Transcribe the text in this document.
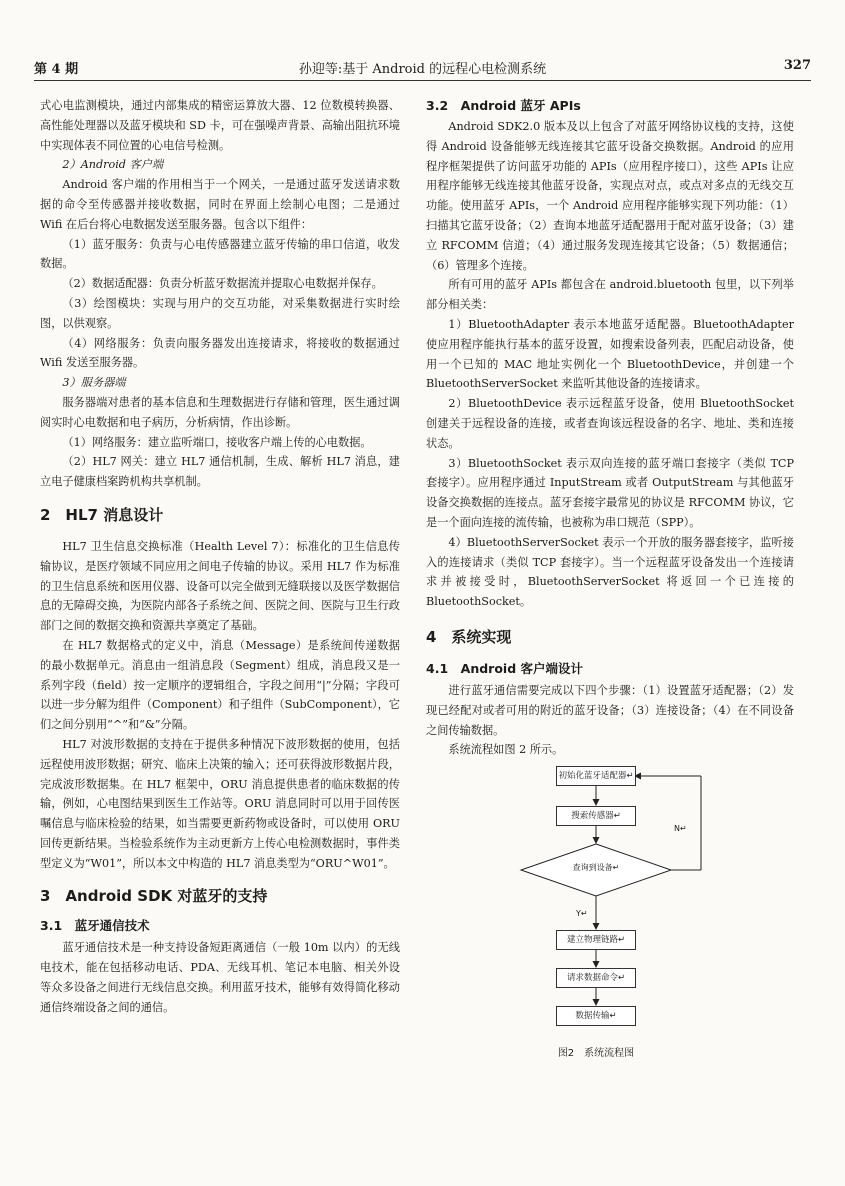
第 4 期	孙迎等:基于 Android 的远程心电检测系统	327

式心电监测模块，通过内部集成的精密运算放大器、12 位数模转换器、高性能处理器以及蓝牙模块和 SD 卡，可在强噪声背景、高输出阻抗环境中实现体表不同位置的心电信号检测。

2）Android 客户端

Android 客户端的作用相当于一个网关，一是通过蓝牙发送请求数据的命令至传感器并接收数据，同时在界面上绘制心电图；二是通过 Wifi 在后台将心电数据发送至服务器。包含以下组件：

（1）蓝牙服务：负责与心电传感器建立蓝牙传输的串口信道，收发数据。

（2）数据适配器：负责分析蓝牙数据流并提取心电数据并保存。

（3）绘图模块：实现与用户的交互功能，对采集数据进行实时绘图，以供观察。

（4）网络服务：负责向服务器发出连接请求，将接收的数据通过 Wifi 发送至服务器。

3）服务器端

服务器端对患者的基本信息和生理数据进行存储和管理，医生通过调阅实时心电数据和电子病历，分析病情，作出诊断。

（1）网络服务：建立监听端口，接收客户端上传的心电数据。

（2）HL7 网关：建立 HL7 通信机制，生成、解析 HL7 消息，建立电子健康档案跨机构共享机制。

2　HL7 消息设计

HL7 卫生信息交换标准（Health Level 7）：标准化的卫生信息传输协议，是医疗领域不同应用之间电子传输的协议。采用 HL7 作为标准的卫生信息系统和医用仪器、设备可以完全做到无缝联接以及医学数据信息的无障碍交换，为医院内部各子系统之间、医院之间、医院与卫生行政部门之间的数据交换和资源共享奠定了基础。

在 HL7 数据格式的定义中，消息（Message）是系统间传递数据的最小数据单元。消息由一组消息段（Segment）组成，消息段又是一系列字段（field）按一定顺序的逻辑组合，字段之间用“|”分隔；字段可以进一步分解为组件（Component）和子组件（SubComponent），它们之间分别用“^”和“&”分隔。

HL7 对波形数据的支持在于提供多种情况下波形数据的使用，包括远程使用波形数据；研究、临床上决策的输入；还可获得波形数据片段，完成波形数据集。在 HL7 框架中，ORU 消息提供患者的临床数据的传输，例如，心电图结果到医生工作站等。ORU 消息同时可以用于回传医嘱信息与临床检验的结果，如当需要更新药物或设备时，可以使用 ORU 回传更新结果。当检验系统作为主动更新方上传心电检测数据时，事件类型定义为“W01”，所以本文中构造的 HL7 消息类型为“ORU^W01”。

3　Android SDK 对蓝牙的支持
3.1　蓝牙通信技术

蓝牙通信技术是一种支持设备短距离通信（一般 10m 以内）的无线电技术，能在包括移动电话、PDA、无线耳机、笔记本电脑、相关外设等众多设备之间进行无线信息交换。利用蓝牙技术，能够有效得简化移动通信终端设备之间的通信。

3.2　Android 蓝牙 APIs

Android SDK2.0 版本及以上包含了对蓝牙网络协议栈的支持，这使得 Android 设备能够无线连接其它蓝牙设备交换数据。Android 的应用程序框架提供了访问蓝牙功能的 APIs（应用程序接口），这些 APIs 让应用程序能够无线连接其他蓝牙设备，实现点对点，或点对多点的无线交互功能。使用蓝牙 APIs，一个 Android 应用程序能够实现下列功能：（1）扫描其它蓝牙设备；（2）查询本地蓝牙适配器用于配对蓝牙设备；（3）建立 RFCOMM 信道；（4）通过服务发现连接其它设备；（5）数据通信；（6）管理多个连接。

所有可用的蓝牙 APIs 都包含在 android.bluetooth 包里，以下列举部分相关类：

1）BluetoothAdapter 表示本地蓝牙适配器。BluetoothAdapter 使应用程序能执行基本的蓝牙设置，如搜索设备列表，匹配启动设备，使用一个已知的 MAC 地址实例化一个 BluetoothDevice，并创建一个 BluetoothServerSocket 来监听其他设备的连接请求。

2）BluetoothDevice 表示远程蓝牙设备，使用 BluetoothSocket 创建关于远程设备的连接，或者查询该远程设备的名字、地址、类和连接状态。

3）BluetoothSocket 表示双向连接的蓝牙端口套接字（类似 TCP 套接字）。应用程序通过 InputStream 或者 OutputStream 与其他蓝牙设备交换数据的连接点。蓝牙套接字最常见的协议是 RFCOMM 协议，它是一个面向连接的流传输，也被称为串口规范（SPP）。

4）BluetoothServerSocket 表示一个开放的服务器套接字，监听接入的连接请求（类似 TCP 套接字）。当一个远程蓝牙设备发出一个连接请求并被接受时，BluetoothServerSocket 将返回一个已连接的 BluetoothSocket。

4　系统实现
4.1　Android 客户端设计

进行蓝牙通信需要完成以下四个步骤：（1）设置蓝牙适配器；（2）发现已经配对或者可用的附近的蓝牙设备；（3）连接设备；（4）在不同设备之间传输数据。

系统流程如图 2 所示。

初始化蓝牙适配器↵
搜索传感器↵
查询到设备↵
N↵
Y↵
建立物理链路↵
请求数据命令↵
数据传输↵
图2　系统流程图
